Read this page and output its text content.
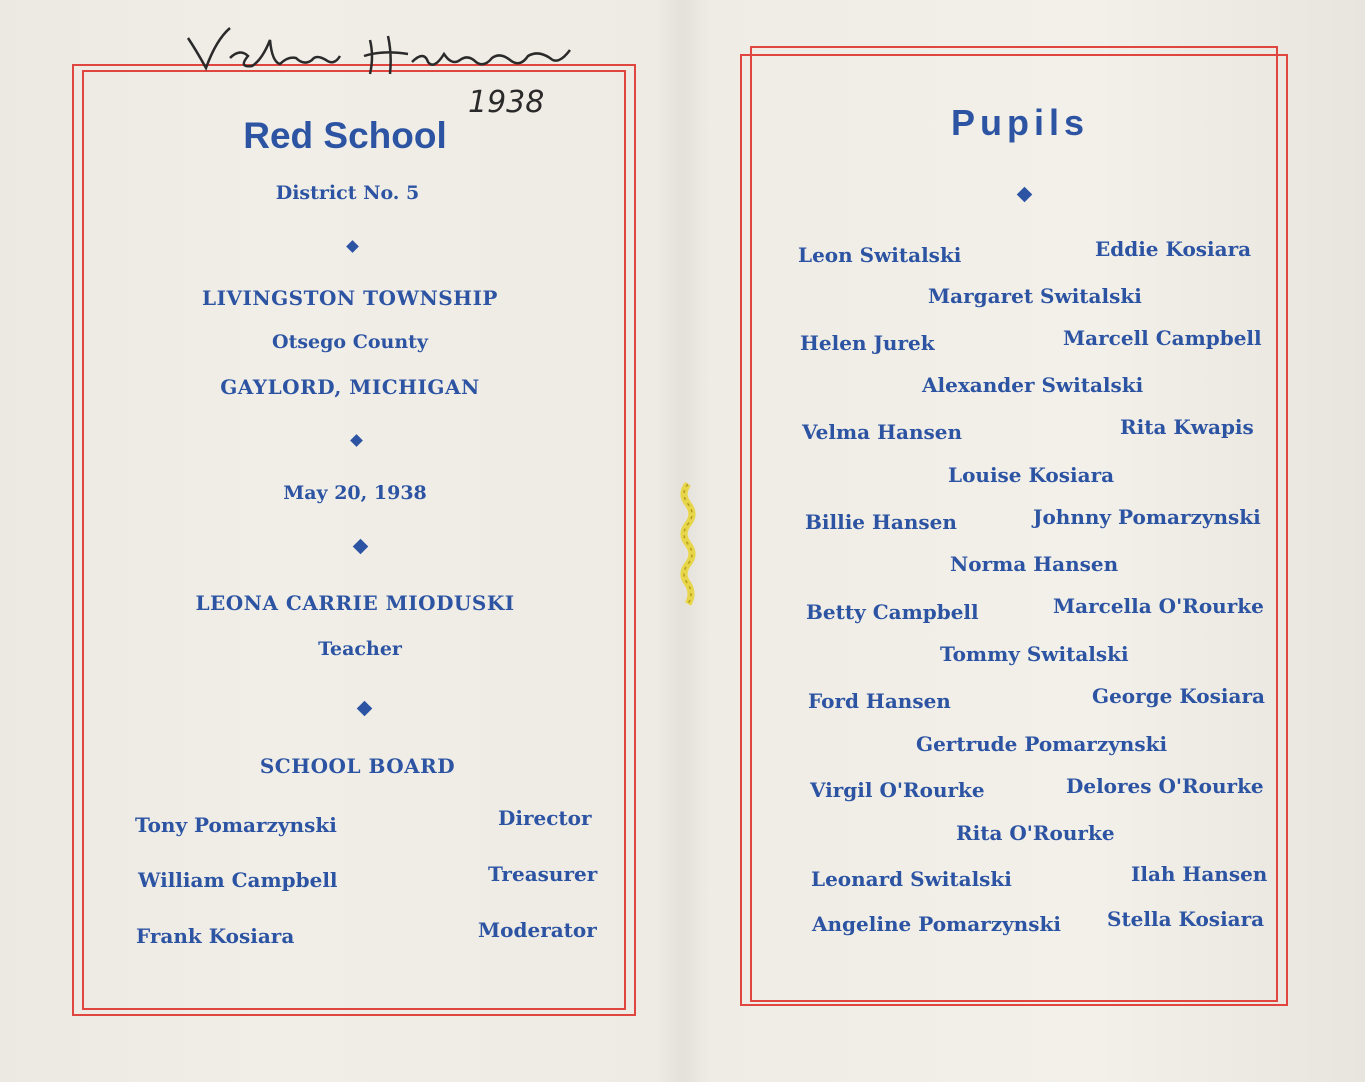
1938
Red School
District No. 5
LIVINGSTON TOWNSHIP
Otsego County
GAYLORD, MICHIGAN
May 20, 1938
LEONA CARRIE MIODUSKI
Teacher
SCHOOL BOARD
Tony Pomarzynski	Director
William Campbell	Treasurer
Frank Kosiara	Moderator
Pupils
Leon Switalski	Eddie Kosiara
Margaret Switalski
Helen Jurek	Marcell Campbell
Alexander Switalski
Velma Hansen	Rita Kwapis
Louise Kosiara
Billie Hansen	Johnny Pomarzynski
Norma Hansen
Betty Campbell	Marcella O'Rourke
Tommy Switalski
Ford Hansen	George Kosiara
Gertrude Pomarzynski
Virgil O'Rourke	Delores O'Rourke
Rita O'Rourke
Leonard Switalski	Ilah Hansen
Angeline Pomarzynski Stella Kosiara
